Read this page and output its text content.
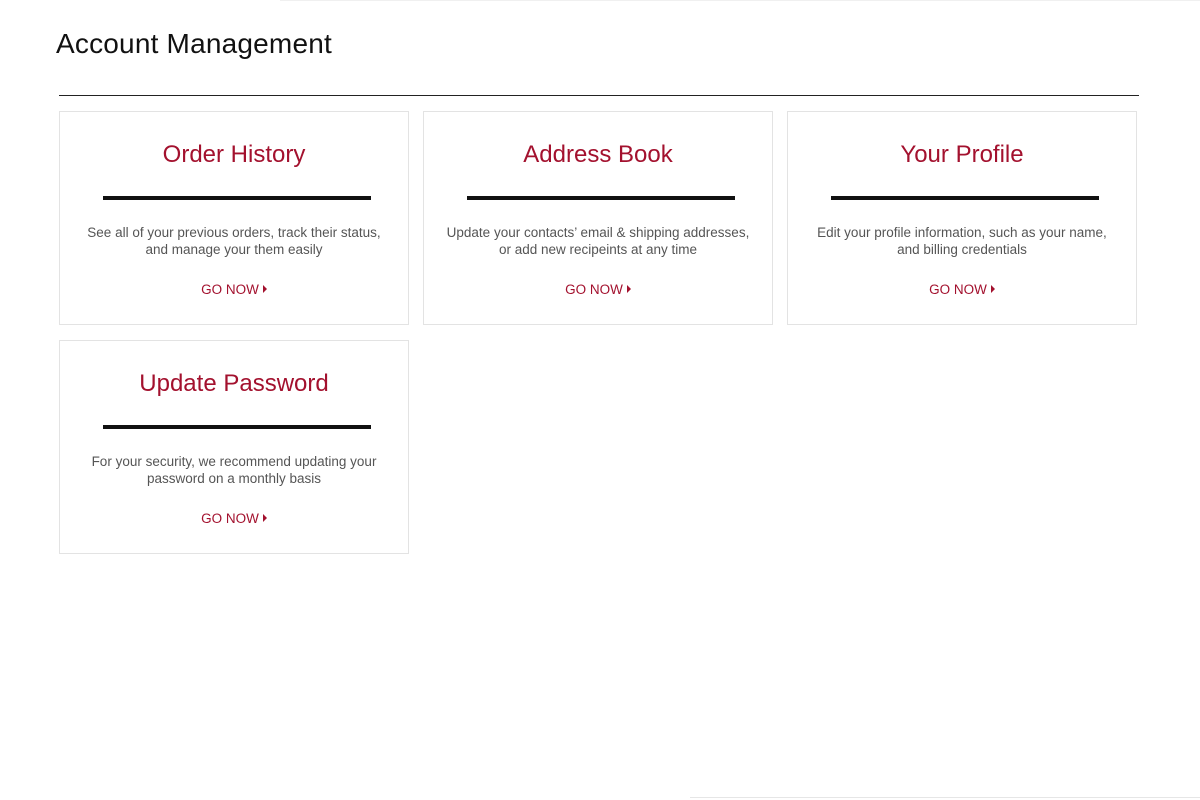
Account Management
Order History
See all of your previous orders, track their status, and manage your them easily
GO NOW
Address Book
Update your contacts’ email & shipping addresses, or add new recipeints at any time
GO NOW
Your Profile
Edit your profile information, such as your name, and billing credentials
GO NOW
Update Password
For your security, we recommend updating your password on a monthly basis
GO NOW
